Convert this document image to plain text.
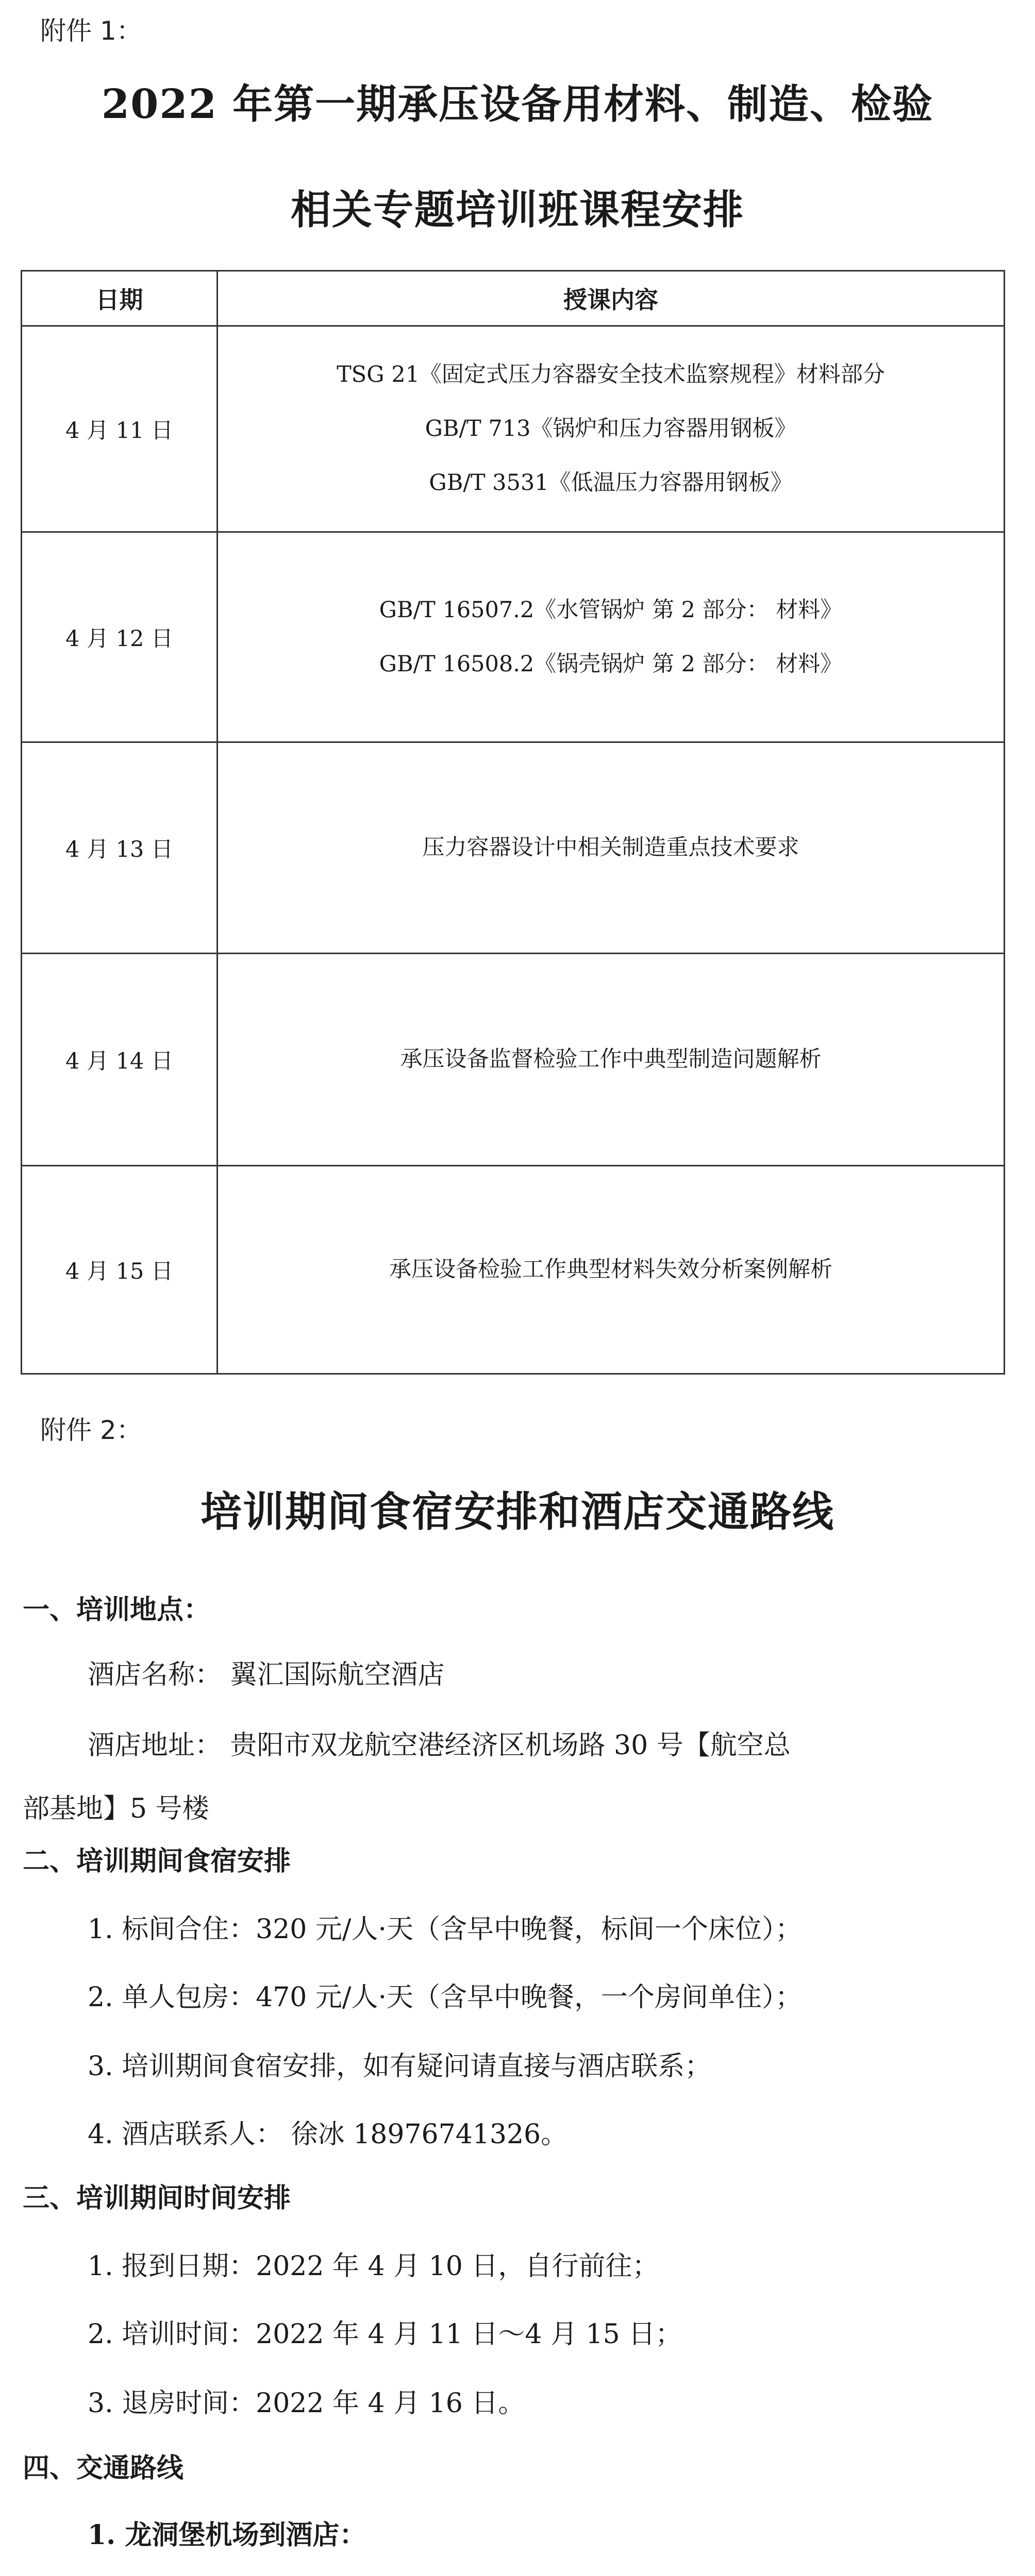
附件 1：
2022 年第一期承压设备用材料、制造、检验
相关专题培训班课程安排
日期	授课内容
4 月 11 日	TSG 21《固定式压力容器安全技术监察规程》材料部分
GB/T 713《锅炉和压力容器用钢板》
GB/T 3531《低温压力容器用钢板》

4 月 12 日	GB/T 16507.2《水管锅炉 第 2 部分： 材料》
GB/T 16508.2《锅壳锅炉 第 2 部分： 材料》

4 月 13 日	压力容器设计中相关制造重点技术要求

4 月 14 日	承压设备监督检验工作中典型制造问题解析

4 月 15 日	承压设备检验工作典型材料失效分析案例解析
附件 2：
培训期间食宿安排和酒店交通路线
一、培训地点：
酒店名称： 翼汇国际航空酒店
酒店地址： 贵阳市双龙航空港经济区机场路 30 号【航空总
部基地】5 号楼
二、培训期间食宿安排
1. 标间合住：320 元/人·天（含早中晚餐，标间一个床位）；
2. 单人包房：470 元/人·天（含早中晚餐，一个房间单住）；
3. 培训期间食宿安排，如有疑问请直接与酒店联系；
4. 酒店联系人： 徐冰 18976741326。
三、培训期间时间安排
1. 报到日期：2022 年 4 月 10 日，自行前往；
2. 培训时间：2022 年 4 月 11 日～4 月 15 日；
3. 退房时间：2022 年 4 月 16 日。
四、交通路线
1. 龙洞堡机场到酒店：
